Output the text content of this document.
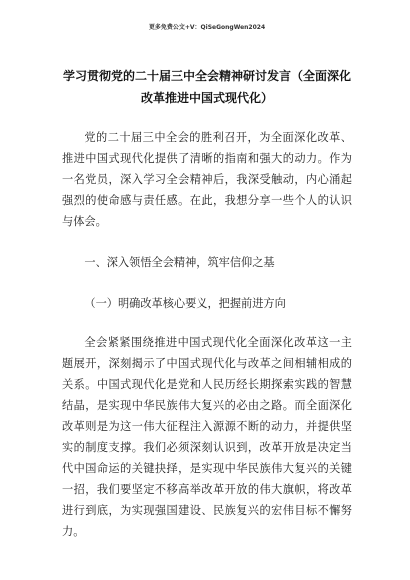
更多免费公文+V：QiSeGongWen2024
学习贯彻党的二十届三中全会精神研讨发言（全面深化改革推进中国式现代化）

党的二十届三中全会的胜利召开，为全面深化改革、推进中国式现代化提供了清晰的指南和强大的动力。作为一名党员，深入学习全会精神后，我深受触动，内心涌起强烈的使命感与责任感。在此，我想分享一些个人的认识与体会。

一、深入领悟全会精神，筑牢信仰之基

（一）明确改革核心要义，把握前进方向

全会紧紧围绕推进中国式现代化全面深化改革这一主题展开，深刻揭示了中国式现代化与改革之间相辅相成的关系。中国式现代化是党和人民历经长期探索实践的智慧结晶，是实现中华民族伟大复兴的必由之路。而全面深化改革则是为这一伟大征程注入源源不断的动力，并提供坚实的制度支撑。我们必须深刻认识到，改革开放是决定当代中国命运的关键抉择，是实现中华民族伟大复兴的关键一招，我们要坚定不移高举改革开放的伟大旗帜，将改革进行到底，为实现强国建设、民族复兴的宏伟目标不懈努力。
